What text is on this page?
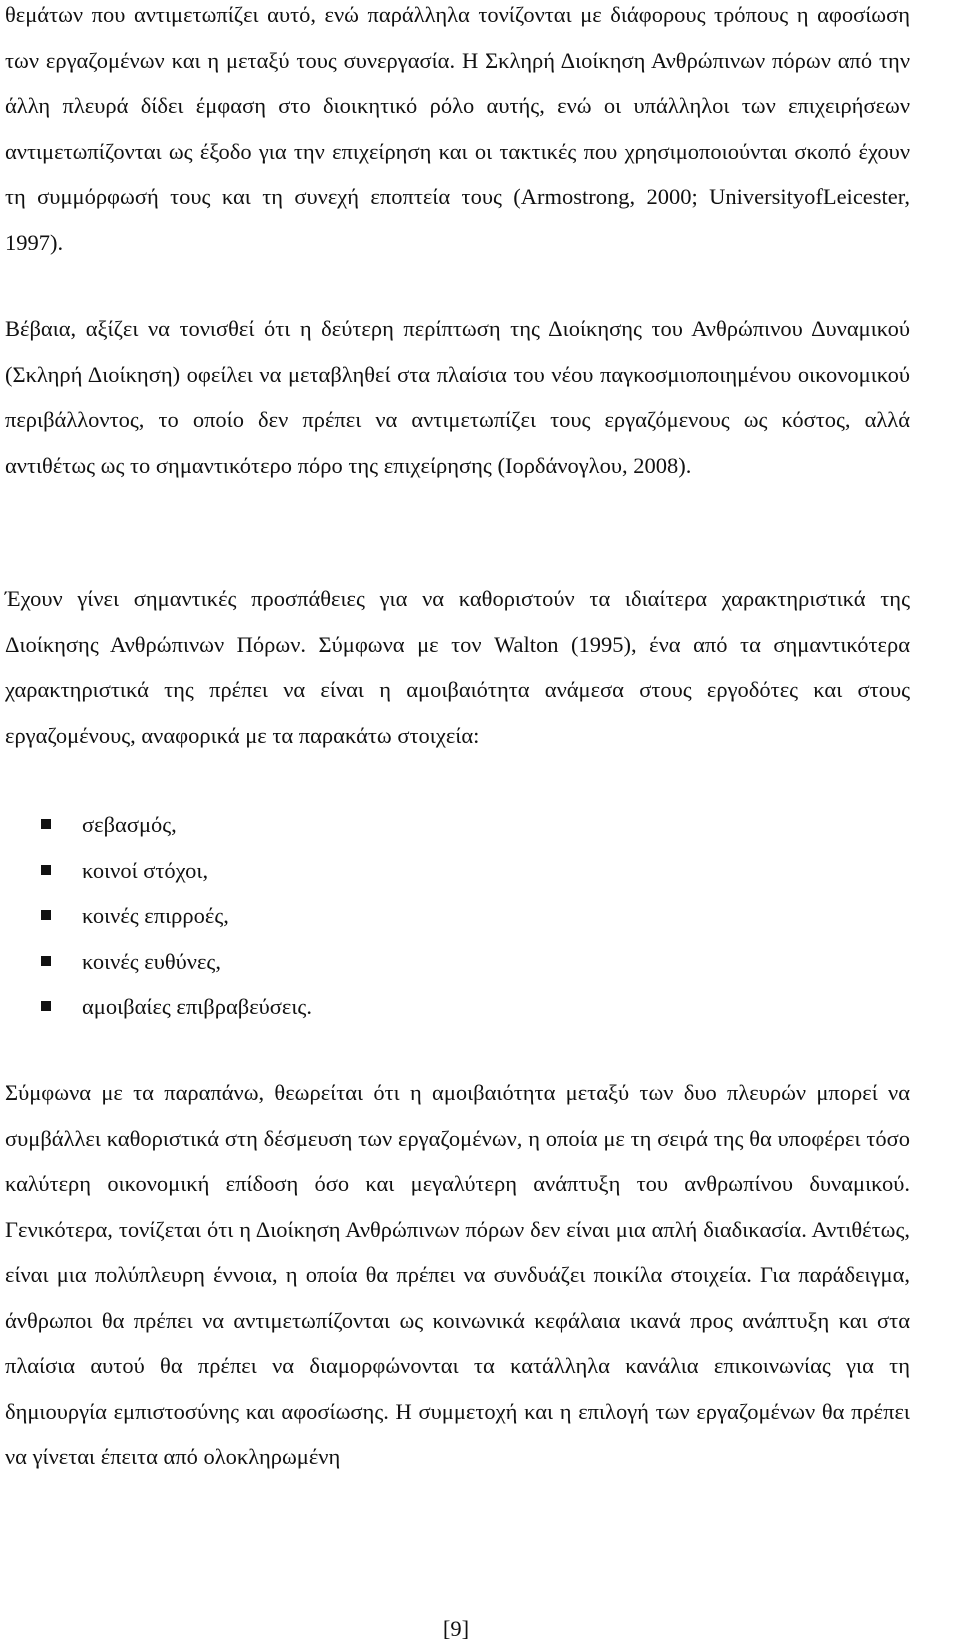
θεμάτων που αντιμετωπίζει αυτό, ενώ παράλληλα τονίζονται με διάφορους τρόπους η αφοσίωση των εργαζομένων και η μεταξύ τους συνεργασία. Η Σκληρή Διοίκηση Ανθρώπινων πόρων από την άλλη πλευρά δίδει έμφαση στο διοικητικό ρόλο αυτής, ενώ οι υπάλληλοι των επιχειρήσεων αντιμετωπίζονται ως έξοδο για την επιχείρηση και οι τακτικές που χρησιμοποιούνται σκοπό έχουν τη συμμόρφωσή τους και τη συνεχή εποπτεία τους (Armostrong, 2000; UniversityofLeicester, 1997).

Βέβαια, αξίζει να τονισθεί ότι η δεύτερη περίπτωση της Διοίκησης του Ανθρώπινου Δυναμικού (Σκληρή Διοίκηση) οφείλει να μεταβληθεί στα πλαίσια του νέου παγκοσμιοποιημένου οικονομικού περιβάλλοντος, το οποίο δεν πρέπει να αντιμετωπίζει τους εργαζόμενους ως κόστος, αλλά αντιθέτως ως το σημαντικότερο πόρο της επιχείρησης (Ιορδάνογλου, 2008).

Έχουν γίνει σημαντικές προσπάθειες για να καθοριστούν τα ιδιαίτερα χαρακτηριστικά της Διοίκησης Ανθρώπινων Πόρων. Σύμφωνα με τον Walton (1995), ένα από τα σημαντικότερα χαρακτηριστικά της πρέπει να είναι η αμοιβαιότητα ανάμεσα στους εργοδότες και στους εργαζομένους, αναφορικά με τα παρακάτω στοιχεία:

σεβασμός,
κοινοί στόχοι,
κοινές επιρροές,
κοινές ευθύνες,
αμοιβαίες επιβραβεύσεις.

Σύμφωνα με τα παραπάνω, θεωρείται ότι η αμοιβαιότητα μεταξύ των δυο πλευρών μπορεί να συμβάλλει καθοριστικά στη δέσμευση των εργαζομένων, η οποία με τη σειρά της θα υποφέρει τόσο καλύτερη οικονομική επίδοση όσο και μεγαλύτερη ανάπτυξη του ανθρωπίνου δυναμικού. Γενικότερα, τονίζεται ότι η Διοίκηση Ανθρώπινων πόρων δεν είναι μια απλή διαδικασία. Αντιθέτως, είναι μια πολύπλευρη έννοια, η οποία θα πρέπει να συνδυάζει ποικίλα στοιχεία. Για παράδειγμα, άνθρωποι θα πρέπει να αντιμετωπίζονται ως κοινωνικά κεφάλαια ικανά προς ανάπτυξη και στα πλαίσια αυτού θα πρέπει να διαμορφώνονται τα κατάλληλα κανάλια επικοινωνίας για τη δημιουργία εμπιστοσύνης και αφοσίωσης. Η συμμετοχή και η επιλογή των εργαζομένων θα πρέπει να γίνεται έπειτα από ολοκληρωμένη

[9]
